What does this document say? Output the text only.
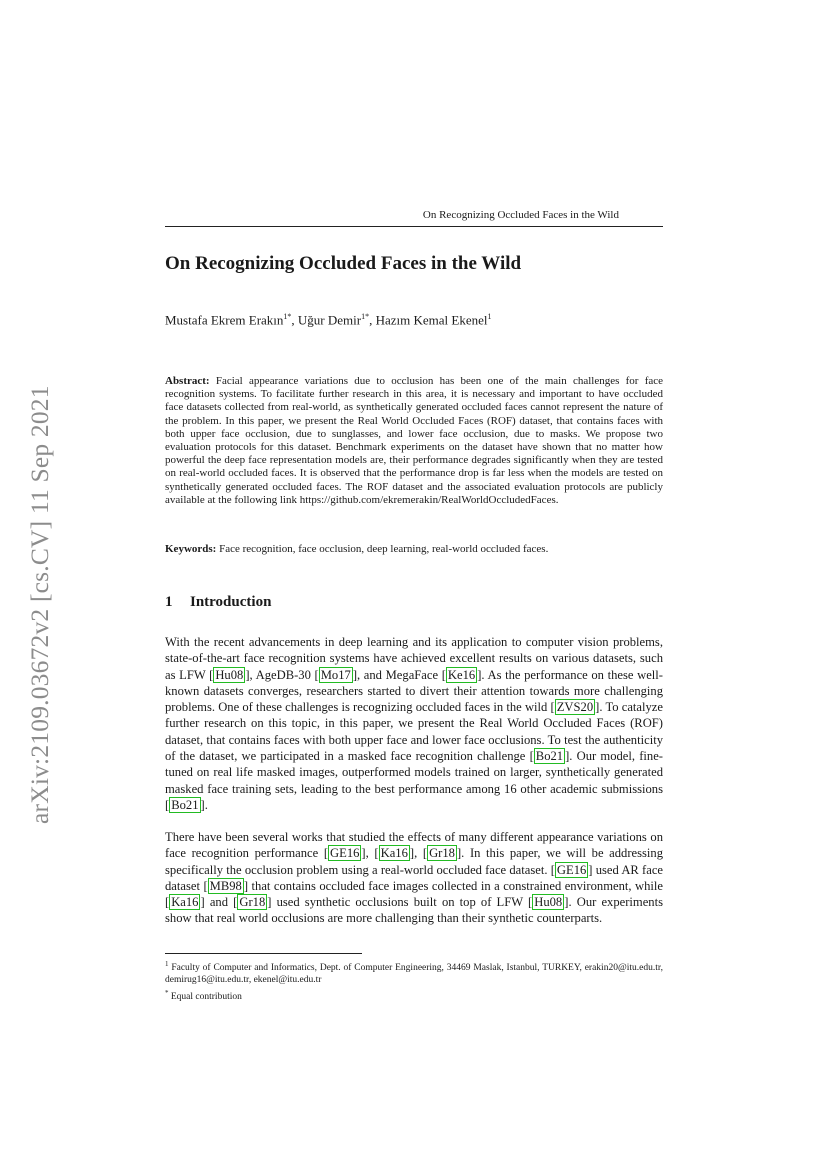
arXiv:2109.03672v2 [cs.CV] 11 Sep 2021
On Recognizing Occluded Faces in the Wild
On Recognizing Occluded Faces in the Wild
Mustafa Ekrem Erakın$^{1*}$, Uğur Demir$^{1*}$, Hazım Kemal Ekenel$^1$

Abstract: Facial appearance variations due to occlusion has been one of the main challenges for face recognition systems. To facilitate further research in this area, it is necessary and important to have occluded face datasets collected from real-world, as synthetically generated occluded faces cannot represent the nature of the problem. In this paper, we present the Real World Occluded Faces (ROF) dataset, that contains faces with both upper face occlusion, due to sunglasses, and lower face occlusion, due to masks. We propose two evaluation protocols for this dataset. Benchmark experiments on the dataset have shown that no matter how powerful the deep face representation models are, their performance degrades significantly when they are tested on real-world occluded faces. It is observed that the performance drop is far less when the models are tested on synthetically generated occluded faces. The ROF dataset and the associated evaluation protocols are publicly available at the following link https://github.com/ekremerakin/RealWorldOccludedFaces.

Keywords: Face recognition, face occlusion, deep learning, real-world occluded faces.

1 Introduction

With the recent advancements in deep learning and its application to computer vision problems, state-of-the-art face recognition systems have achieved excellent results on various datasets, such as LFW [ Hu08 ], AgeDB-30 [ Mo17 ], and MegaFace [ Ke16 ]. As the performance on these well-known datasets converges, researchers started to divert their attention towards more challenging problems. One of these challenges is recognizing occluded faces in the wild [ ZVS20 ]. To catalyze further research on this topic, in this paper, we present the Real World Occluded Faces (ROF) dataset, that contains faces with both upper face and lower face occlusions. To test the authenticity of the dataset, we participated in a masked face recognition challenge [ Bo21 ]. Our model, fine-tuned on real life masked images, outperformed models trained on larger, synthetically generated masked face training sets, leading to the best performance among 16 other academic submissions [ Bo21 ].

There have been several works that studied the effects of many different appearance variations on face recognition performance [ GE16 ], [ Ka16 ], [ Gr18 ]. In this paper, we will be addressing specifically the occlusion problem using a real-world occluded face dataset. [ GE16 ] used AR face dataset [ MB98 ] that contains occluded face images collected in a constrained environment, while [ Ka16 ] and [ Gr18 ] used synthetic occlusions built on top of LFW [ Hu08 ]. Our experiments show that real world occlusions are more challenging than their synthetic counterparts.

$^1$ Faculty of Computer and Informatics, Dept. of Computer Engineering, 34469 Maslak, Istanbul, TURKEY, erakin20@itu.edu.tr, demirug16@itu.edu.tr, ekenel@itu.edu.tr

* Equal contribution
